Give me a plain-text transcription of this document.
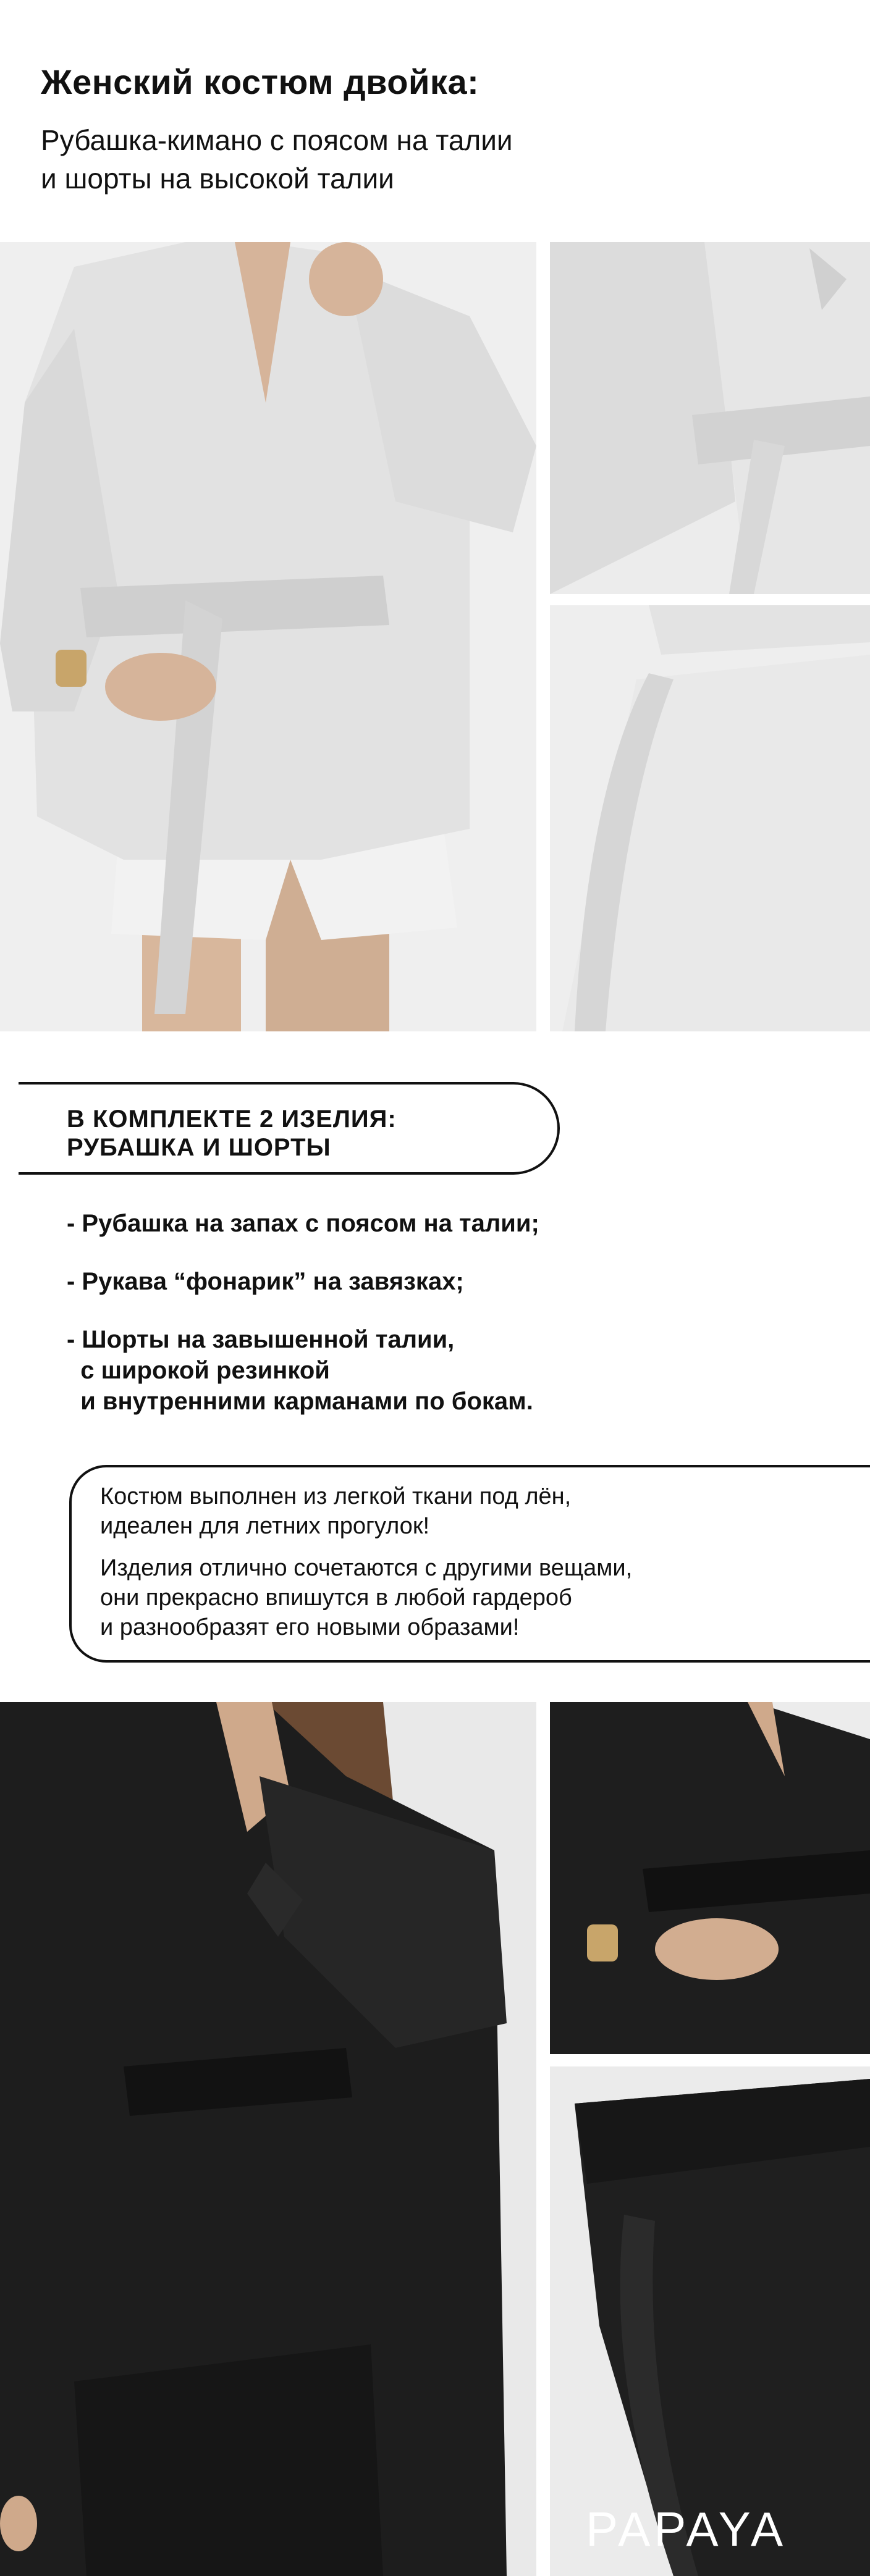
Женский костюм двойка:

Рубашка-кимано с поясом на талии
и шорты на высокой талии

В КОМПЛЕКТЕ 2 ИЗЕЛИЯ:
РУБАШКА И ШОРТЫ
- Рубашка на запах с поясом на талии;
- Рукава “фонарик” на завязках;
- Шорты на завышенной талии,
с широкой резинкой
и внутренними карманами по бокам.
Костюм выполнен из легкой ткани под лён,
идеален для летних прогулок!
Изделия отлично сочетаются с другими вещами,
они прекрасно впишутся в любой гардероб
и разнообразят его новыми образами!
PAPAYA
